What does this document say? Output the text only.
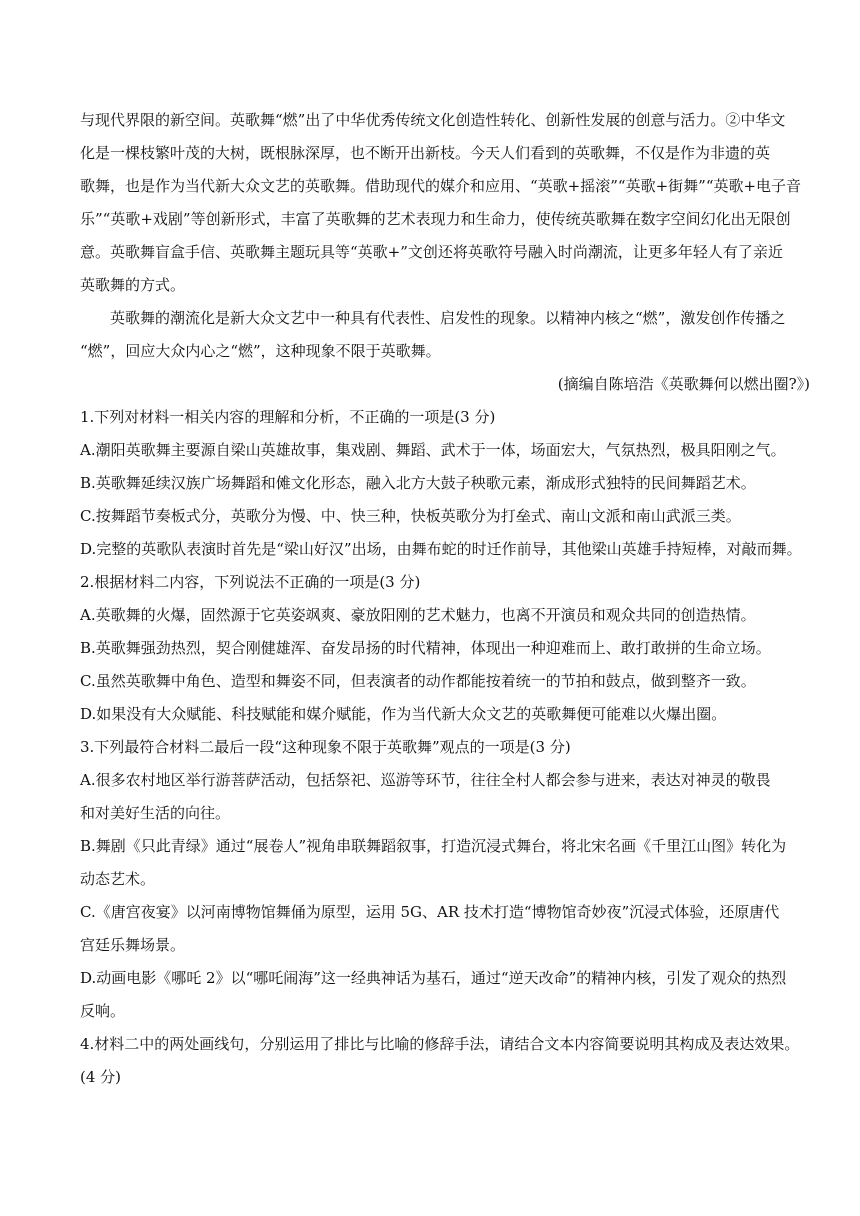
与现代界限的新空间。英歌舞“燃”出了中华优秀传统文化创造性转化、创新性发展的创意与活力。②中华文
化是一棵枝繁叶茂的大树，既根脉深厚，也不断开出新枝。今天人们看到的英歌舞，不仅是作为非遗的英
歌舞，也是作为当代新大众文艺的英歌舞。借助现代的媒介和应用、“英歌+摇滚”“英歌+街舞”“英歌+电子音
乐”“英歌+戏剧”等创新形式，丰富了英歌舞的艺术表现力和生命力，使传统英歌舞在数字空间幻化出无限创
意。英歌舞盲盒手信、英歌舞主题玩具等“英歌+”文创还将英歌符号融入时尚潮流，让更多年轻人有了亲近
英歌舞的方式。
英歌舞的潮流化是新大众文艺中一种具有代表性、启发性的现象。以精神内核之“燃”，激发创作传播之
“燃”，回应大众内心之“燃”，这种现象不限于英歌舞。
(摘编自陈培浩《英歌舞何以燃出圈?》)
1.下列对材料一相关内容的理解和分析，不正确的一项是(3 分)
A.潮阳英歌舞主要源自梁山英雄故事，集戏剧、舞蹈、武术于一体，场面宏大，气氛热烈，极具阳刚之气。
B.英歌舞延续汉族广场舞蹈和傩文化形态，融入北方大鼓子秧歌元素，渐成形式独特的民间舞蹈艺术。
C.按舞蹈节奏板式分，英歌分为慢、中、快三种，快板英歌分为打垒式、南山文派和南山武派三类。
D.完整的英歌队表演时首先是“梁山好汉”出场，由舞布蛇的时迁作前导，其他梁山英雄手持短棒，对敲而舞。
2.根据材料二内容，下列说法不正确的一项是(3 分)
A.英歌舞的火爆，固然源于它英姿飒爽、豪放阳刚的艺术魅力，也离不开演员和观众共同的创造热情。
B.英歌舞强劲热烈，契合刚健雄浑、奋发昂扬的时代精神，体现出一种迎难而上、敢打敢拼的生命立场。
C.虽然英歌舞中角色、造型和舞姿不同，但表演者的动作都能按着统一的节拍和鼓点，做到整齐一致。
D.如果没有大众赋能、科技赋能和媒介赋能，作为当代新大众文艺的英歌舞便可能难以火爆出圈。
3.下列最符合材料二最后一段“这种现象不限于英歌舞”观点的一项是(3 分)
A.很多农村地区举行游菩萨活动，包括祭祀、巡游等环节，往往全村人都会参与进来，表达对神灵的敬畏
和对美好生活的向往。
B.舞剧《只此青绿》通过“展卷人”视角串联舞蹈叙事，打造沉浸式舞台，将北宋名画《千里江山图》转化为
动态艺术。
C.《唐宫夜宴》以河南博物馆舞俑为原型，运用 5G、AR 技术打造“博物馆奇妙夜”沉浸式体验，还原唐代
宫廷乐舞场景。
D.动画电影《哪吒 2》以“哪吒闹海”这一经典神话为基石，通过“逆天改命”的精神内核，引发了观众的热烈
反响。
4.材料二中的两处画线句，分别运用了排比与比喻的修辞手法，请结合文本内容简要说明其构成及表达效果。
(4 分)
